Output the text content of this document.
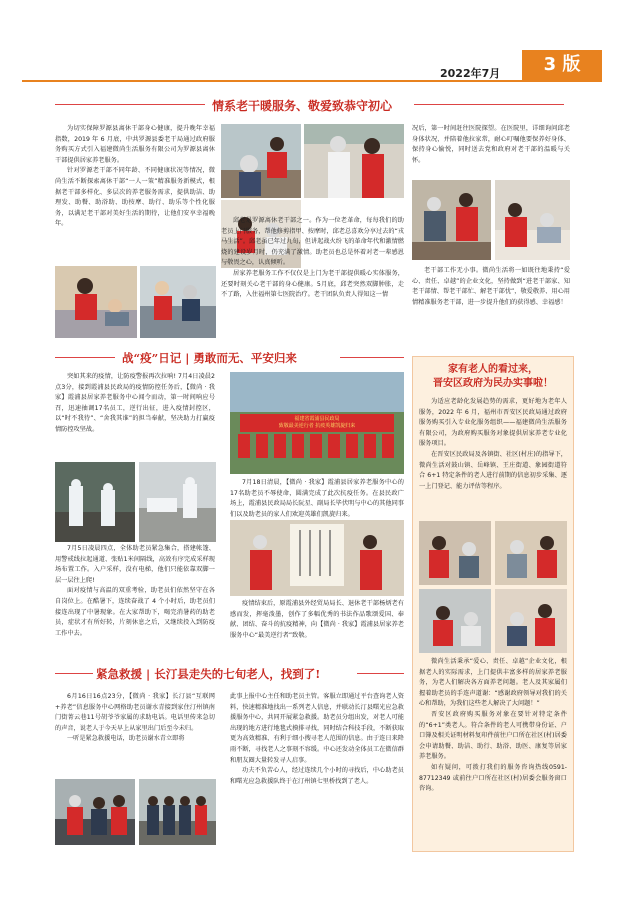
2022年7月	3 版
情系老干暖服务、敬爱致恭守初心

为切实保障罗源县离休干部身心健康，提升晚年幸福指数，2019 年 6 月底，中共罗源县委老干局通过政府服务购买方式引入福建微尚生活服务有限公司为罗源县离休干部提供居家养老服务。

针对罗源老干部不同年龄、不同健康状况等情况，微尚生活不断探索离休干部“一人一策”精准服务新模式，根据老干部多样化、多层次的养老服务需求，提供助洁、助理发、助餐、助浴助、助按摩、助行、助乐等个性化服务，以满足老干部对美好生活的期待，让他们安享幸福晚年。	邱老是罗源离休老干部之一。作为一位老革命，每每我们的助老员上门服务，帮他修剪指甲、按摩时，邱老总喜欢分享过去的“戎马生活”。邱老虽已年过九旬，但讲起战火纷飞的革命年代和激情燃烧的建设岁月时，仍充满了激情。助老员也总是怀着对老一辈感恩与敬畏之心，认真倾听。

居家养老服务工作不仅仅是上门为老干部提供暖心实体服务，还要时刻关心老干部的身心健康。5月底，邱老突然双脚肿胀，走不了路，入住福州第七医院治疗。老干团队负责人得知这一情

况后，第一时间赶往医院探望。在医院里，详细询问邱老身体状况，并陪着他拉家常，耐心叮嘱他要保养好身体、保持身心愉悦，同时送去党和政府对老干部的温暖与关怀。

老干部工作无小事。微尚生活将一如既往地秉持“爱心、责任、卓越”的企业文化，坚持做到“进老干部家、知老干部情、帮老干部忙、解老干部忧”，敬爱敬养、用心用情精准服务老干部，进一步提升他们的获得感、幸福感！

战“疫”日记 | 勇敢而无、平安归来

突如其来的疫情，让防疫警报再次拉响! 7月4日凌晨2点3分，接到霞浦县民政局的疫情防控任务后，【微尚 · 我家】霞浦县居家养老服务中心闻令而动，第一时间响应号召，迅速抽调17名员工，逆行出征，进入疫情封控区，以“时不我待”、“舍我其谁”的担当奉献，坚决助力打赢疫情防控攻坚战。

7月5日凌晨四点，全体助老员紧急集合，搭建帐篷、用警戒线拉起通道、张贴1米间隔线，高效有序完成采样现场布置工作。入户采样，没有电梯，他们只能依靠双脚一层一层往上爬!

面对疫情与高温的双重考验，助老员们依然坚守在各自岗位上。在酷暑下，连续奋战了 4 个小时后，助老员们接连出现了中暑现象。在大家帮助下，喝完消暑药的助老员，症状才有所好转，片刻休息之后，又继续投入到防疫工作中去。

福建省霞浦县民政局
致敬最美逆行者 抗疫英雄凯旋归来

7月18日清晨，【微尚 · 我家】霞浦县居家养老服务中心的17名助老员不辱使命，圆满完成了此次抗疫任务。在县民政广场上，霞浦县民政局局长阮星、副局长毕伏明与中心的其他同事们以及助老员的家人们欢迎英雄们凯旋归来。

疫情结束后，原霞浦县外经贸局局长、退休老干部杨炳老有感而发，挥毫泼墨，创作了多幅优秀的书法作品歌颂爱国、奉献、团结、奋斗的抗疫精神，向【微尚 · 我家】霞浦县居家养老服务中心“最美逆行者”致敬。

紧急救援 | 长汀县走失的七旬老人，找到了!

6月16日16点23分，【微尚 · 我家】长汀县“互联网+养老”信息服务中心网格助老员谢水青接到家住汀州镇南门街菁云巷11号胡爷爷家属的求助电话。电话里传来急切的声音，说老人于今天早上从家里出门后至今未归。

一听是紧急救援电话，助老员谢水青立即将

此事上报中心主任和助老员主管。客服立即通过平台查询老人资料，快速精准地找出一系列老人信息，并联动长汀县曙光应急救援服务中心，共同开展紧急救援。助老员分组出发，对老人可能出现的地方进行地毯式摸排寻找，同时结合科技手段，不断获取更为高效精准、有利于细小搜寻老人范围的信息。由于连日来降雨不断，寻找老人之事刻不容缓。中心还发动全体员工在微信群和朋友圈大量转发寻人启事。

功夫不负苦心人，经过连续几个小时的寻找后，中心助老员和曙光应急救援队终于在汀州镇七里桥找到了老人。

家有老人的看过来，
晋安区政府为民办实事啦！

为适应老龄化发展趋势的需求，更好地为老年人服务，2022 年 6 月，福州市晋安区民政局通过政府服务购买引入专业化服务组织——福建微尚生活服务有限公司，为政府购买服务对象提供居家养老专业化服务项目。

在晋安区民政局及各镇街、社区(村庄)的指导下，微尚生活对鼓山镇、岳峰镇、王庄街道、象园街道符合 6+1 特定条件的老人进行前期的信息初步采集、逐一上门登记、能力评估等程序。

微尚生活秉承“爱心、责任、卓越”企业文化，根据老人的实际需求，上门提供丰富多样的居家养老服务，为老人们解决各方面养老问题。老人及其家属们握着助老员的手连声道谢：“感谢政府领导对我们的关心和帮助，为我们这些老人解决了大问题！”

晋安区政府购买服务对象在要针对特定条件的“6+1”类老人。符合条件的老人可携带身份证、户口簿及相关证明材料复印件前往户口所在社区(村)居委会申请助餐、助洁、助行、助浴、助医、康复等居家养老服务。

如有疑问，可拨打我们的服务咨询热线0591-87712349 或前往户口所在社区(村)居委会服务窗口咨询。
